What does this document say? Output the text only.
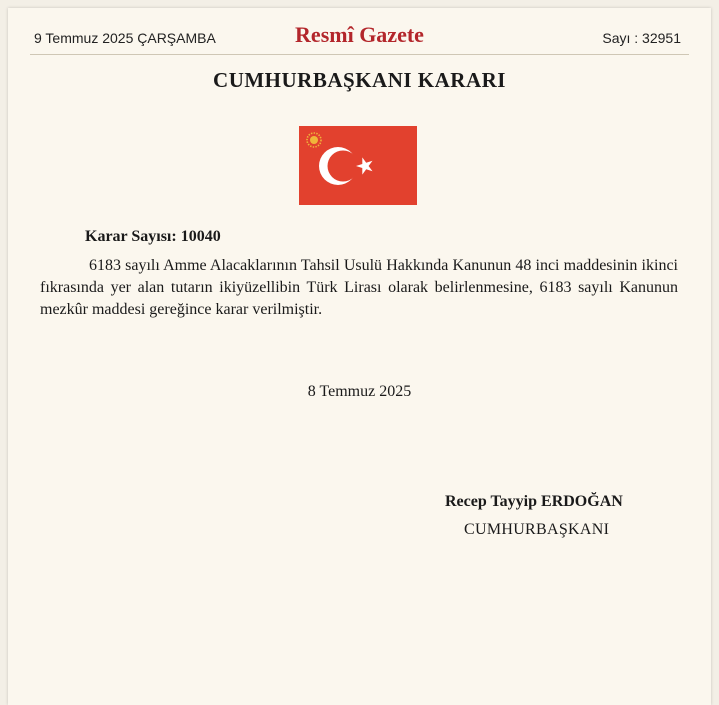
9 Temmuz 2025 ÇARŞAMBA	Resmî Gazete	Sayı : 32951
CUMHURBAŞKANI KARARI
Karar Sayısı: 10040
6183 sayılı Amme Alacaklarının Tahsil Usulü Hakkında Kanunun 48 inci maddesinin ikinci fıkrasında yer alan tutarın ikiyüzellibin Türk Lirası olarak belirlenmesine, 6183 sayılı Kanunun mezkûr maddesi gereğince karar verilmiştir.
8 Temmuz 2025
Recep Tayyip ERDOĞAN
CUMHURBAŞKANI
